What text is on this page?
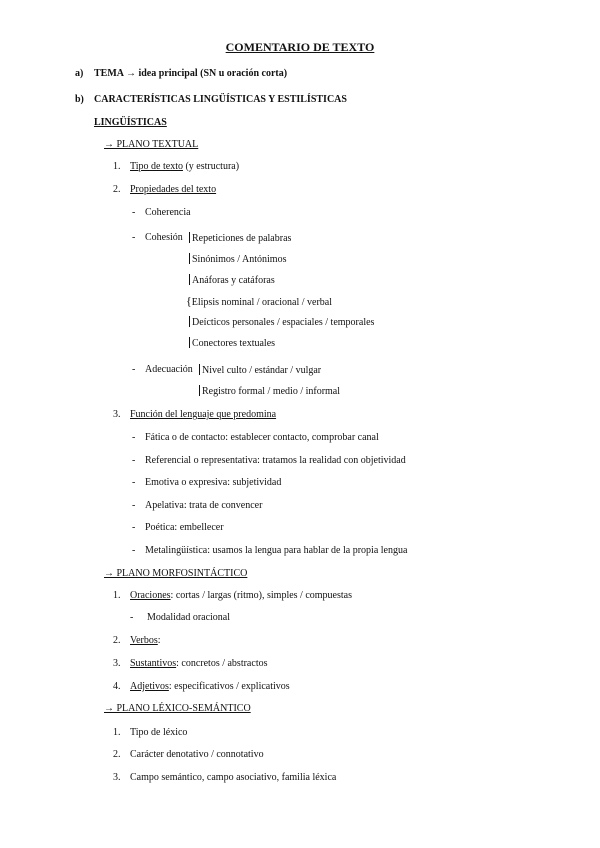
COMENTARIO DE TEXTO
a) TEMA → idea principal (SN u oración corta)
b) CARACTERÍSTICAS LINGÜÍSTICAS Y ESTILÍSTICAS
LINGÜÍSTICAS
→ PLANO TEXTUAL
1. Tipo de texto (y estructura)
2. Propiedades del texto
- Coherencia
- Cohesión Repeticiones de palabras
Sinónimos / Antónimos
Anáforas y catáforas
{Elipsis nominal / oracional / verbal
Deícticos personales / espaciales / temporales
Conectores textuales
- Adecuación Nivel culto / estándar / vulgar
Registro formal / medio / informal
3. Función del lenguaje que predomina
- Fática o de contacto: establecer contacto, comprobar canal
- Referencial o representativa: tratamos la realidad con objetividad
- Emotiva o expresiva: subjetividad
- Apelativa: trata de convencer
- Poética: embellecer
- Metalingüística: usamos la lengua para hablar de la propia lengua
→ PLANO MORFOSINTÁCTICO
1. Oraciones: cortas / largas (ritmo), simples / compuestas
- Modalidad oracional
2. Verbos:
3. Sustantivos: concretos / abstractos
4. Adjetivos: especificativos / explicativos
→ PLANO LÉXICO-SEMÁNTICO
1. Tipo de léxico
2. Carácter denotativo / connotativo
3. Campo semántico, campo asociativo, familia léxica
